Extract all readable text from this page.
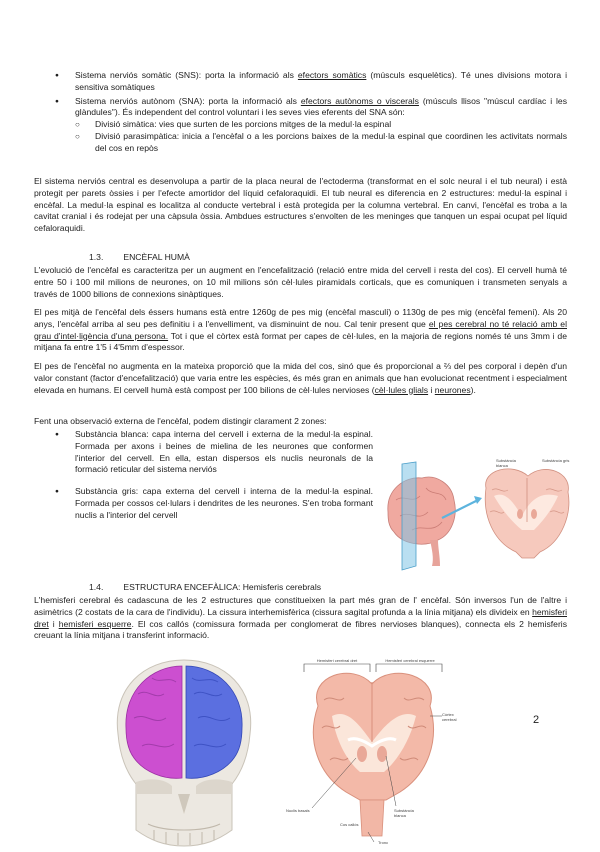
● Sistema nerviós somàtic (SNS): porta la informació als efectors somàtics (músculs esquelètics). Té unes divisions motora i sensitiva somàtiques
● Sistema nerviós autònom (SNA): porta la informació als efectors autònoms o viscerals (músculs llisos "múscul cardíac i les glàndules"). És independent del control voluntari i les seves vies eferents del SNA són:
○ Divisió simàtica: vies que surten de les porcions mitges de la medul·la espinal
○ Divisió parasimpàtica: inicia a l'encèfal o a les porcions baixes de la medul·la espinal que coordinen les activitats normals del cos en repòs

El sistema nerviós central es desenvolupa a partir de la placa neural de l'ectoderma (transformat en el solc neural i el tub neural) i està protegit per parets òssies i per l'efecte amortidor del líquid cefaloraquidi. El tub neural es diferencia en 2 estructures: medul·la espinal i encèfal. La medul·la espinal es localitza al conducte vertebral i està protegida per la columna vertebral. En canvi, l'encèfal es troba a la cavitat cranial i és rodejat per una càpsula òssia. Ambdues estructures s'envolten de les meninges que tanquen un espai ocupat pel líquid cefaloraquidi.

1.3. ENCÈFAL HUMÀ

L'evolució de l'encèfal es caracteritza per un augment en l'encefalització (relació entre mida del cervell i resta del cos). El cervell humà té entre 50 i 100 mil milions de neurones, on 10 mil milions són cèl·lules piramidals corticals, que es comuniquen i transmeten senyals a través de 1000 bilions de connexions sinàptiques.

El pes mitjà de l'encèfal dels éssers humans està entre 1260g de pes mig (encèfal masculí) o 1130g de pes mig (encèfal femení). Als 20 anys, l'encèfal arriba al seu pes definitiu i a l'envelliment, va disminuint de nou. Cal tenir present que el pes cerebral no té relació amb el grau d'intel·ligència d'una persona. Tot i que el còrtex està format per capes de cèl·lules, en la majoria de regions només té uns 3mm i de mitjana fa entre 1'5 i 4'5mm d'espessor.

El pes de l'encèfal no augmenta en la mateixa proporció que la mida del cos, sinó que és proporcional a ⅔ del pes corporal i depèn d'un valor constant (factor d'encefalització) que varia entre les espècies, és més gran en animals que han evolucionat recentment i especialment elevada en humans. El cervell humà està compost per 100 bilions de cèl·lules nervioses (cèl·lules glials i neurones).

Fent una observació externa de l'encèfal, podem distingir clarament 2 zones:

● Substància blanca: capa interna del cervell i externa de la medul·la espinal. Formada per axons i beines de mielina de les neurones que conformen l'interior del cervell. En ella, estan dispersos els nuclis neuronals de la formació reticular del sistema nerviós
● Substància gris: capa externa del cervell i interna de la medul·la espinal. Formada per cossos cel·lulars i dendrites de les neurones. S'en troba formant nuclis a l'interior del cervell
Substància blanca
Substància gris
1.4. ESTRUCTURA ENCEFÀLICA: Hemisferis cerebrals

L'hemisferi cerebral és cadascuna de les 2 estructures que constitueixen la part més gran de l' encèfal. Són inversos l'un de l'altre i asimètrics (2 costats de la cara de l'individu). La cissura interhemisfèrica (cissura sagital profunda a la línia mitjana) els divideix en hemisferi dret i hemisferi esquerre. El cos callós (comissura formada per conglomerat de fibres nervioses blanques), connecta els 2 hemisferis creuant la línia mitjana i transferint informació.

Hemisferi cerebral dret	Hemisferi cerebral esquerre
Còrtex cerebral
Nuclis basals	Substància blanca
Cos callós
Tronc
2
